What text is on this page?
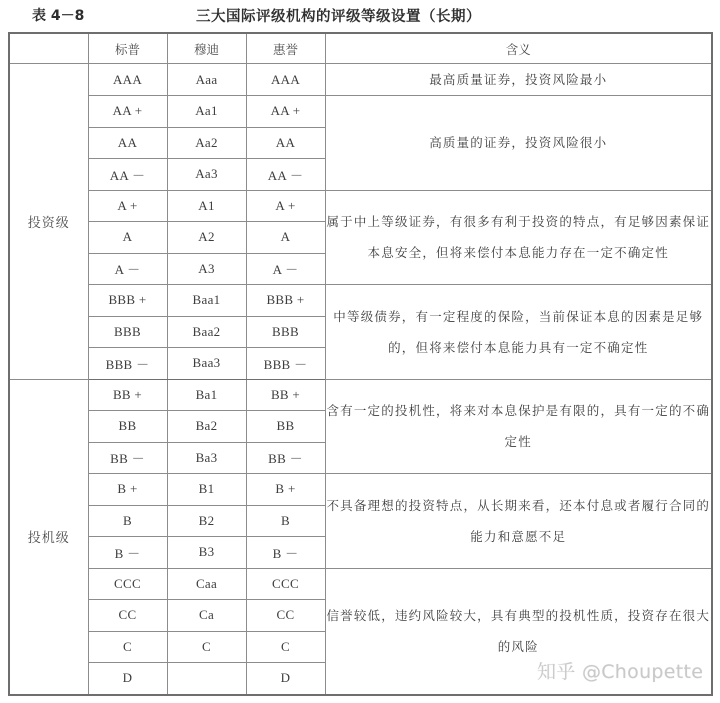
表 4－8	三大国际评级机构的评级等级设置（长期）
	标普	穆迪	惠誉	含义
投资级	AAA	Aaa	AAA	最高质量证券，投资风险最小
	AA +	Aa1	AA +	高质量的证券，投资风险很小
	AA	Aa2	AA	
	AA －	Aa3	AA －	
	A +	A1	A +	属于中上等级证券，有很多有利于投资的特点，有足够因素保证本息安全，但将来偿付本息能力存在一定不确定性
	A	A2	A	
	A －	A3	A －	
	BBB +	Baa1	BBB +	中等级债券，有一定程度的保险，当前保证本息的因素是足够的，但将来偿付本息能力具有一定不确定性
	BBB	Baa2	BBB	
	BBB －	Baa3	BBB －	
投机级	BB +	Ba1	BB +	含有一定的投机性，将来对本息保护是有限的，具有一定的不确定性
	BB	Ba2	BB	
	BB －	Ba3	BB －	
	B +	B1	B +	不具备理想的投资特点，从长期来看，还本付息或者履行合同的能力和意愿不足
	B	B2	B	
	B －	B3	B －	
	CCC	Caa	CCC	信誉较低，违约风险较大，具有典型的投机性质，投资存在很大的风险
	CC	Ca	CC	
	C	C	C	
	D		D		知乎 @Choupette
